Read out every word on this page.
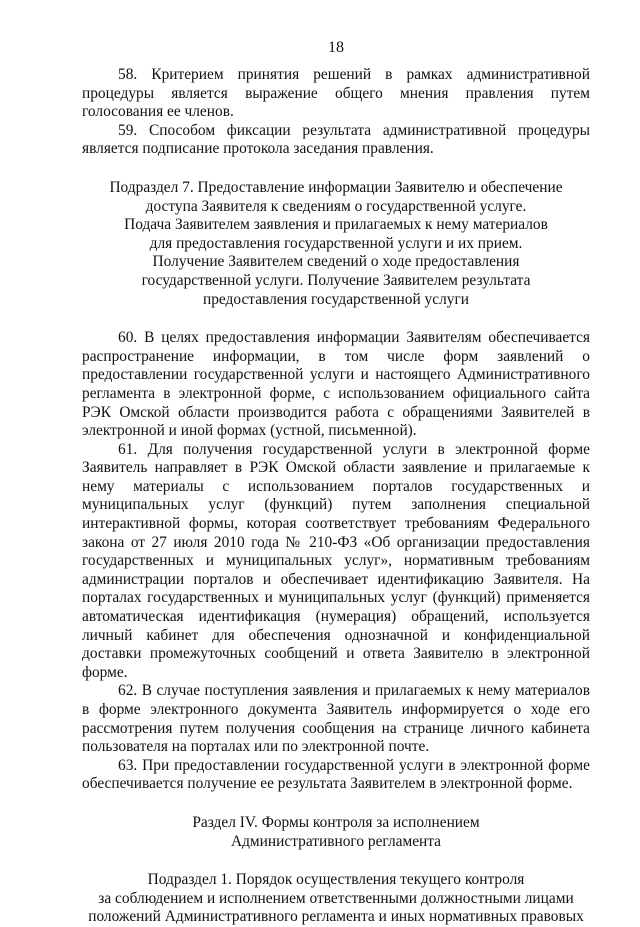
18

58. Критерием принятия решений в рамках административной процедуры является выражение общего мнения правления путем голосования ее членов.

59. Способом фиксации результата административной процедуры является подписание протокола заседания правления.

Подраздел 7. Предоставление информации Заявителю и обеспечение
доступа Заявителя к сведениям о государственной услуге.
Подача Заявителем заявления и прилагаемых к нему материалов
для предоставления государственной услуги и их прием.
Получение Заявителем сведений о ходе предоставления
государственной услуги. Получение Заявителем результата
предоставления государственной услуги

60. В целях предоставления информации Заявителям обеспечивается распространение информации, в том числе форм заявлений о предоставлении государственной услуги и настоящего Административного регламента в электронной форме, с использованием официального сайта РЭК Омской области производится работа с обращениями Заявителей в электронной и иной формах (устной, письменной).

61. Для получения государственной услуги в электронной форме Заявитель направляет в РЭК Омской области заявление и прилагаемые к нему материалы с использованием порталов государственных и муниципальных услуг (функций) путем заполнения специальной интерактивной формы, которая соответствует требованиям Федерального закона от 27 июля 2010 года № 210-ФЗ «Об организации предоставления государственных и муниципальных услуг», нормативным требованиям администрации порталов и обеспечивает идентификацию Заявителя. На порталах государственных и муниципальных услуг (функций) применяется автоматическая идентификация (нумерация) обращений, используется личный кабинет для обеспечения однозначной и конфиденциальной доставки промежуточных сообщений и ответа Заявителю в электронной форме.

62. В случае поступления заявления и прилагаемых к нему материалов в форме электронного документа Заявитель информируется о ходе его рассмотрения путем получения сообщения на странице личного кабинета пользователя на порталах или по электронной почте.

63. При предоставлении государственной услуги в электронной форме обеспечивается получение ее результата Заявителем в электронной форме.

Раздел IV. Формы контроля за исполнением
Административного регламента
Подраздел 1. Порядок осуществления текущего контроля
за соблюдением и исполнением ответственными должностными лицами
положений Административного регламента и иных нормативных правовых
